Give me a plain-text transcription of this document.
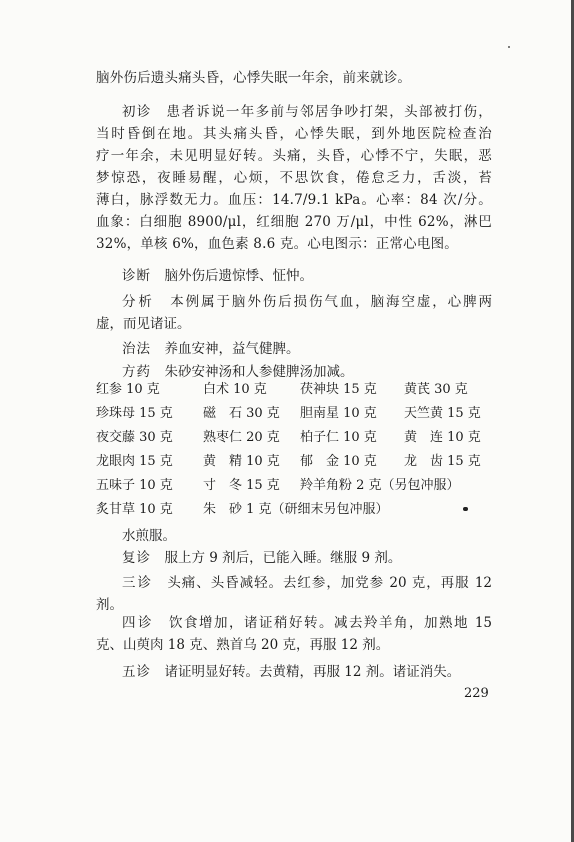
脑外伤后遗头痛头昏，心悸失眠一年余，前来就诊。
初诊　患者诉说一年多前与邻居争吵打架，头部被打伤，
当时昏倒在地。其头痛头昏，心悸失眠，到外地医院检查治
疗一年余，未见明显好转。头痛，头昏，心悸不宁，失眠，恶
梦惊恐，夜睡易醒，心烦，不思饮食，倦怠乏力，舌淡，苔
薄白，脉浮数无力。血压：14.7/9.1 kPa。心率：84 次/分。
血象：白细胞 8900/μl，红细胞 270 万/μl，中性 62%，淋巴
32%，单核 6%，血色素 8.6 克。心电图示：正常心电图。
诊断　 脑外伤后遗惊悸、怔忡。
分析　 本例属于脑外伤后损伤气血，脑海空虚，心脾两
虚，而见诸证。
治法　 养血安神，益气健脾。
方药　 朱砂安神汤和人参健脾汤加减。
红参 10 克	白术 10 克	茯神块 15 克 黄芪 30 克
珍珠母 15 克 磁　石 30 克 胆南星 10 克 天竺黄 15 克
夜交藤 30 克 熟枣仁 20 克 柏子仁 10 克 黄　连 10 克
龙眼肉 15 克 黄　精 10 克 郁　金 10 克 龙　齿 15 克
五味子 10 克 寸　冬 15 克 羚羊角粉 2 克（另包冲服）
炙甘草 10 克 朱　砂 1 克（研细末另包冲服）
水煎服。
复诊　 服上方 9 剂后，已能入睡。继服 9 剂。
三诊　 头痛、头昏减轻。去红参，加党参 20 克，再服 12
剂。
四诊　 饮食增加，诸证稍好转。减去羚羊角，加熟地 15
克、山萸肉 18 克、熟首乌 20 克，再服 12 剂。
五诊　 诸证明显好转。去黄精，再服 12 剂。诸证消失。
229
